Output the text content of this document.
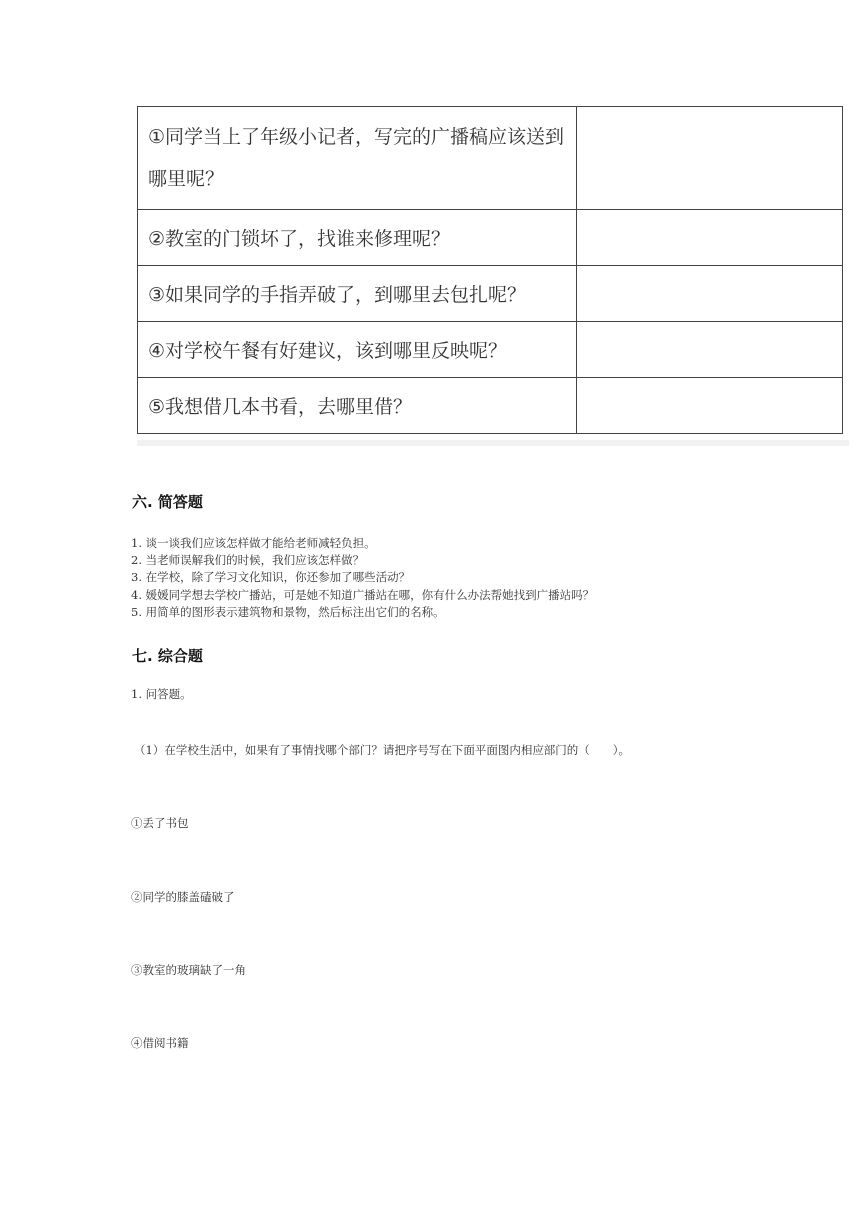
①同学当上了年级小记者，写完的广播稿应该送到哪里呢？	
②教室的门锁坏了，找谁来修理呢？	
③如果同学的手指弄破了，到哪里去包扎呢？	
④对学校午餐有好建议，该到哪里反映呢？	
⑤我想借几本书看，去哪里借？	
六. 简答题
1. 谈一谈我们应该怎样做才能给老师减轻负担。
2. 当老师误解我们的时候，我们应该怎样做？
3. 在学校，除了学习文化知识，你还参加了哪些活动？
4. 媛媛同学想去学校广播站，可是她不知道广播站在哪，你有什么办法帮她找到广播站吗？
5. 用简单的图形表示建筑物和景物，然后标注出它们的名称。
七. 综合题
1. 问答题。
（1）在学校生活中，如果有了事情找哪个部门？请把序号写在下面平面图内相应部门的（　　）。
①丢了书包
②同学的膝盖磕破了
③教室的玻璃缺了一角
④借阅书籍
